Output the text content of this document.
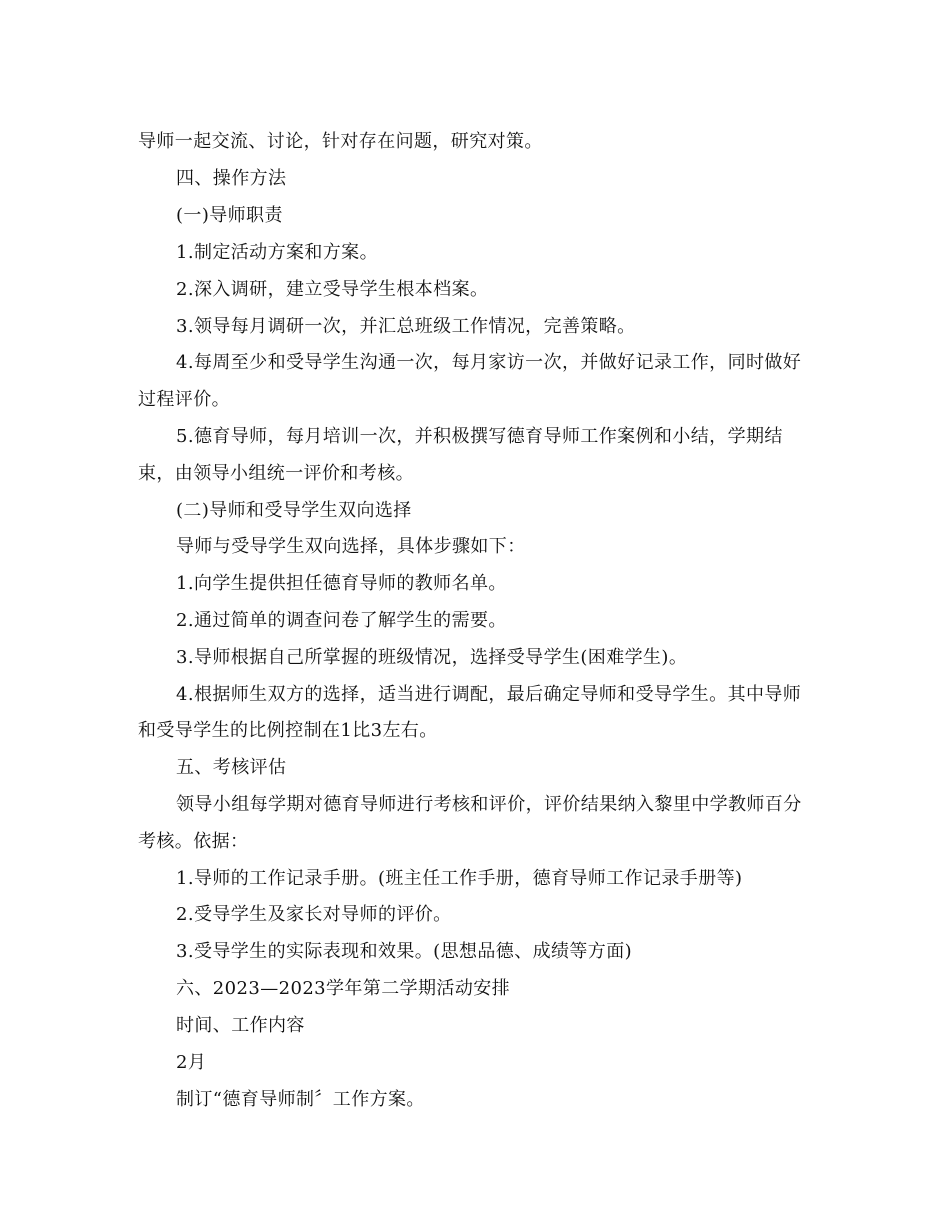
导师一起交流、讨论，针对存在问题，研究对策。
四、操作方法
(一)导师职责
1.制定活动方案和方案。
2.深入调研，建立受导学生根本档案。
3.领导每月调研一次，并汇总班级工作情况，完善策略。
4.每周至少和受导学生沟通一次，每月家访一次，并做好记录工作，同时做好
过程评价。
5.德育导师，每月培训一次，并积极撰写德育导师工作案例和小结，学期结
束，由领导小组统一评价和考核。
(二)导师和受导学生双向选择
导师与受导学生双向选择，具体步骤如下：
1.向学生提供担任德育导师的教师名单。
2.通过简单的调查问卷了解学生的需要。
3.导师根据自己所掌握的班级情况，选择受导学生(困难学生)。
4.根据师生双方的选择，适当进行调配，最后确定导师和受导学生。其中导师
和受导学生的比例控制在1比3左右。
五、考核评估
领导小组每学期对德育导师进行考核和评价，评价结果纳入黎里中学教师百分
考核。依据：
1.导师的工作记录手册。(班主任工作手册，德育导师工作记录手册等)
2.受导学生及家长对导师的评价。
3.受导学生的实际表现和效果。(思想品德、成绩等方面)
六、2023—2023学年第二学期活动安排
时间、工作内容
2月
制订“德育导师制〞工作方案。
